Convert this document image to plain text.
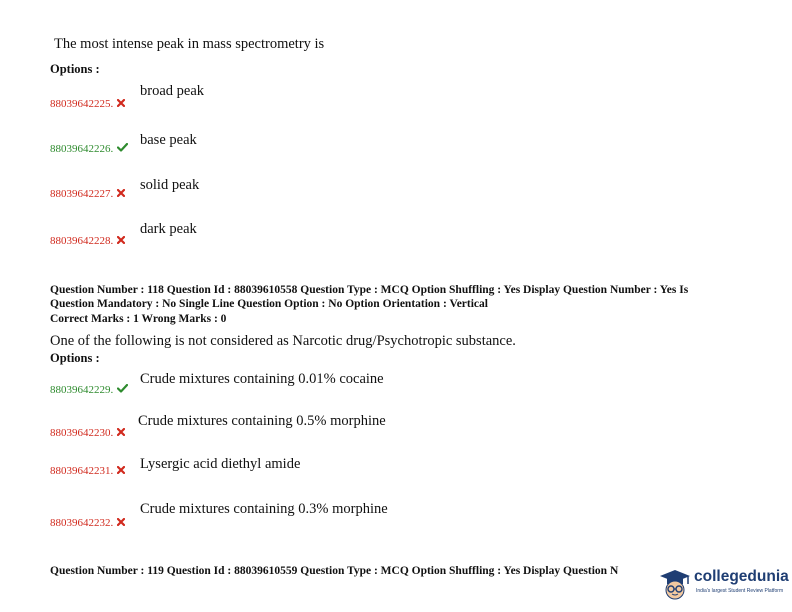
The most intense peak in mass spectrometry is
Options :
88039642225.
broad peak
88039642226.
base peak
88039642227.
solid peak
88039642228.
dark peak
Question Number : 118 Question Id : 88039610558 Question Type : MCQ Option Shuffling : Yes Display Question Number : Yes Is
Question Mandatory : No Single Line Question Option : No Option Orientation : Vertical
Correct Marks : 1 Wrong Marks : 0
One of the following is not considered as Narcotic drug/Psychotropic substance.
Options :
88039642229.
Crude mixtures containing 0.01% cocaine
88039642230.
Crude mixtures containing 0.5% morphine
88039642231.	Lysergic acid diethyl amide
88039642232.
Crude mixtures containing 0.3% morphine
Question Number : 119 Question Id : 88039610559 Question Type : MCQ Option Shuffling : Yes Display Question N	collegedunia
India's largest Student Review Platform
